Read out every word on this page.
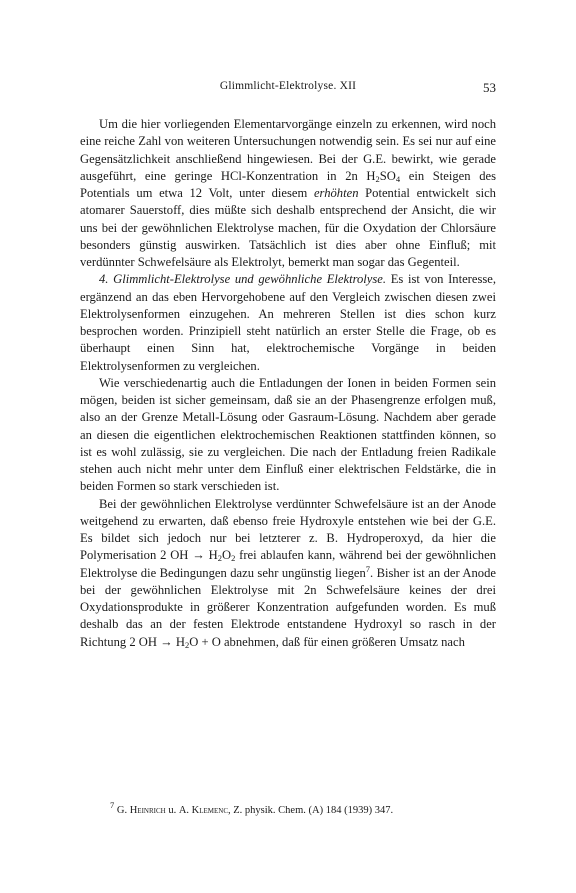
Glimmlicht-Elektrolyse. XII	53

Um die hier vorliegenden Elementarvorgänge einzeln zu erkennen, wird noch eine reiche Zahl von weiteren Untersuchungen notwendig sein. Es sei nur auf eine Gegensätzlichkeit anschließend hingewiesen. Bei der G.E. bewirkt, wie gerade ausgeführt, eine geringe HCl-Konzentration in 2n $H_2SO_4$ ein Steigen des Potentials um etwa 12 Volt, unter diesem erhöhten Potential entwickelt sich atomarer Sauerstoff, dies müßte sich deshalb entsprechend der Ansicht, die wir uns bei der gewöhnlichen Elektrolyse machen, für die Oxydation der Chlorsäure besonders günstig auswirken. Tatsächlich ist dies aber ohne Einfluß; mit verdünnter Schwefelsäure als Elektrolyt, bemerkt man sogar das Gegenteil.

4. Glimmlicht-Elektrolyse und gewöhnliche Elektrolyse. Es ist von Interesse, ergänzend an das eben Hervorgehobene auf den Vergleich zwischen diesen zwei Elektrolysenformen einzugehen. An mehreren Stellen ist dies schon kurz besprochen worden. Prinzipiell steht natürlich an erster Stelle die Frage, ob es überhaupt einen Sinn hat, elektrochemische Vorgänge in beiden Elektrolysenformen zu vergleichen.

Wie verschiedenartig auch die Entladungen der Ionen in beiden Formen sein mögen, beiden ist sicher gemeinsam, daß sie an der Phasengrenze erfolgen muß, also an der Grenze Metall-Lösung oder Gasraum-Lösung. Nachdem aber gerade an diesen die eigentlichen elektrochemischen Reaktionen stattfinden können, so ist es wohl zulässig, sie zu vergleichen. Die nach der Entladung freien Radikale stehen auch nicht mehr unter dem Einfluß einer elektrischen Feldstärke, die in beiden Formen so stark verschieden ist.

Bei der gewöhnlichen Elektrolyse verdünnter Schwefelsäure ist an der Anode weitgehend zu erwarten, daß ebenso freie Hydroxyle entstehen wie bei der G.E. Es bildet sich jedoch nur bei letzterer z. B. Hydroperoxyd, da hier die Polymerisation 2 OH → $H_2O_2$ frei ablaufen kann, während bei der gewöhnlichen Elektrolyse die Bedingungen dazu sehr ungünstig liegen$^7$. Bisher ist an der Anode bei der gewöhnlichen Elektrolyse mit 2n Schwefelsäure keines der drei Oxydationsprodukte in größerer Konzentration aufgefunden worden. Es muß deshalb das an der festen Elektrode entstandene Hydroxyl so rasch in der Richtung 2 OH → $H_2O + O$ abnehmen, daß für einen größeren Umsatz nach

$^7$ G. Heinrich u. A. Klemenc, Z. physik. Chem. (A) 184 (1939) 347.
